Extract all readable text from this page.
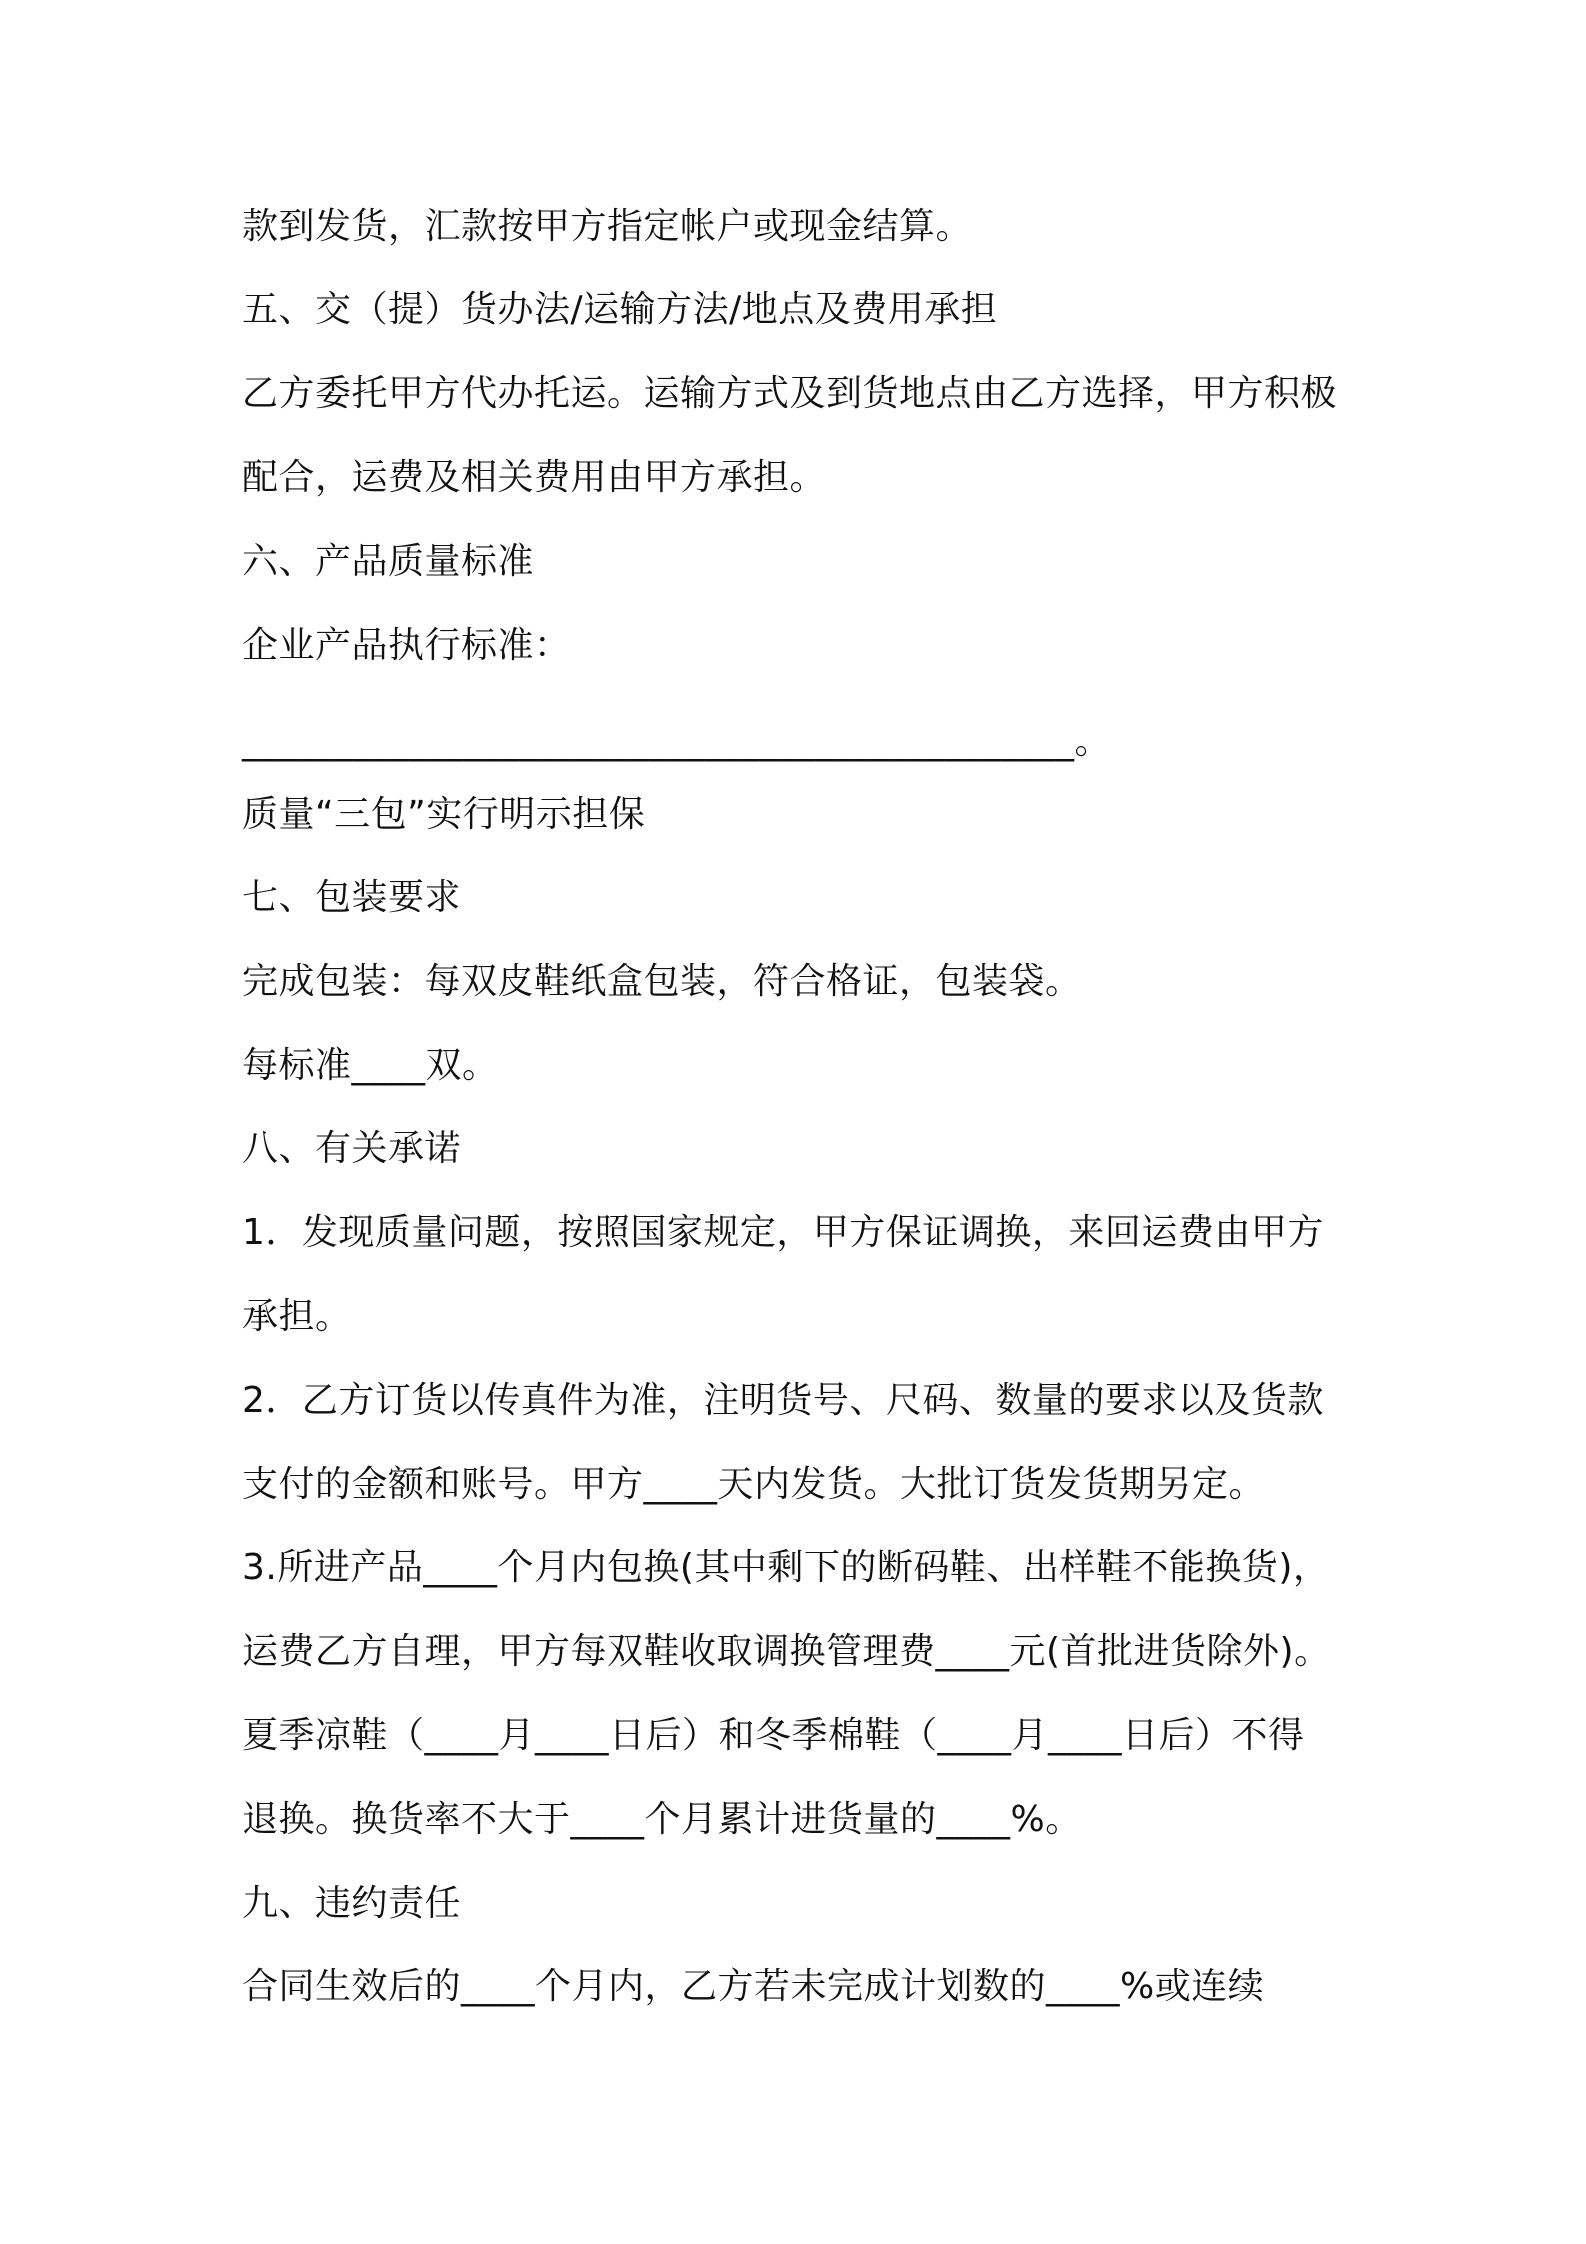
款到发货，汇款按甲方指定帐户或现金结算。
五、交（提）货办法/运输方法/地点及费用承担
乙方委托甲方代办托运。运输方式及到货地点由乙方选择，甲方积极
配合，运费及相关费用由甲方承担。
六、产品质量标准
企业产品执行标准：
_____________________________________________。
质量“三包”实行明示担保
七、包装要求
完成包装：每双皮鞋纸盒包装，符合格证，包装袋。
每标准____双。
八、有关承诺
1．发现质量问题，按照国家规定，甲方保证调换，来回运费由甲方
承担。
2．乙方订货以传真件为准，注明货号、尺码、数量的要求以及货款
支付的金额和账号。甲方____天内发货。大批订货发货期另定。
3.所进产品____个月内包换(其中剩下的断码鞋、出样鞋不能换货)，
运费乙方自理，甲方每双鞋收取调换管理费____元(首批进货除外)。
夏季凉鞋（____月____日后）和冬季棉鞋（____月____日后）不得
退换。换货率不大于____个月累计进货量的____%。
九、违约责任
合同生效后的____个月内，乙方若未完成计划数的____%或连续
